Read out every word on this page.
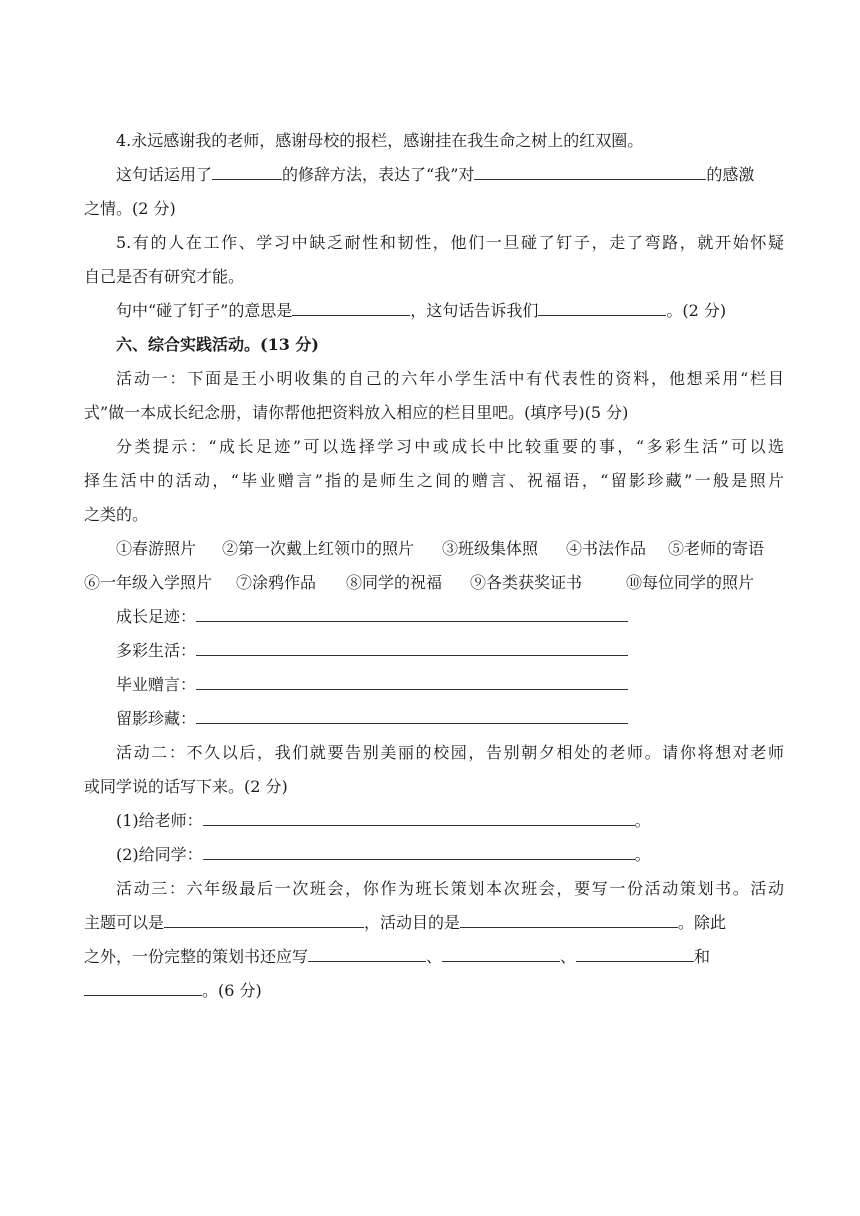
4.永远感谢我的老师，感谢母校的报栏，感谢挂在我生命之树上的红双圈。
这句话运用了	的修辞方法，表达了“我”对	的感激
之情。(2 分)
5.有的人在工作、学习中缺乏耐性和韧性，他们一旦碰了钉子，走了弯路，就开始怀疑
自己是否有研究才能。
句中“碰了钉子”的意思是	，这句话告诉我们	。(2 分)
六、综合实践活动。(13 分)
活动一：下面是王小明收集的自己的六年小学生活中有代表性的资料，他想采用“栏目
式”做一本成长纪念册，请你帮他把资料放入相应的栏目里吧。(填序号)(5 分)
分类提示：“成长足迹”可以选择学习中或成长中比较重要的事，“多彩生活”可以选
择生活中的活动，“毕业赠言”指的是师生之间的赠言、祝福语，“留影珍藏”一般是照片
之类的。
①春游照片 ②第一次戴上红领巾的照片 ③班级集体照 ④书法作品 ⑤老师的寄语
⑥一年级入学照片 ⑦涂鸦作品 ⑧同学的祝福 ⑨各类获奖证书	⑩每位同学的照片
成长足迹：
多彩生活：
毕业赠言：
留影珍藏：
活动二：不久以后，我们就要告别美丽的校园，告别朝夕相处的老师。请你将想对老师
或同学说的话写下来。(2 分)
(1)给老师：	。
(2)给同学：	。
活动三：六年级最后一次班会，你作为班长策划本次班会，要写一份活动策划书。活动
主题可以是	，活动目的是	。除此
之外，一份完整的策划书还应写	、	、	和
。(6 分)
